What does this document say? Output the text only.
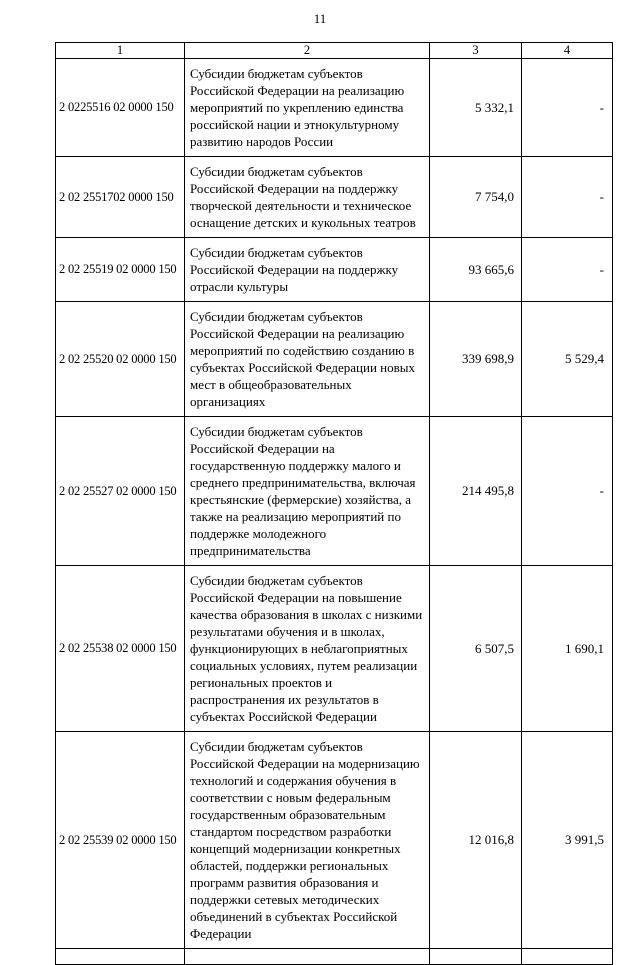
11
1	2	3	4
2 0225516 02 0000 150	Субсидии бюджетам субъектов Российской Федерации на реализацию мероприятий по укреплению единства российской нации и этнокультурному развитию народов России	5 332,1	-
2 02 2551702 0000 150	Субсидии бюджетам субъектов Российской Федерации на поддержку творческой деятельности и техническое оснащение детских и кукольных театров	7 754,0	-
2 02 25519 02 0000 150	Субсидии бюджетам субъектов Российской Федерации на поддержку отрасли культуры	93 665,6	-
2 02 25520 02 0000 150	Субсидии бюджетам субъектов Российской Федерации на реализацию мероприятий по содействию созданию в субъектах Российской Федерации новых мест в общеобразовательных организациях	339 698,9	5 529,4
2 02 25527 02 0000 150	Субсидии бюджетам субъектов Российской Федерации на государственную поддержку малого и среднего предпринимательства, включая крестьянские (фермерские) хозяйства, а также на реализацию мероприятий по поддержке молодежного предпринимательства	214 495,8	-
2 02 25538 02 0000 150	Субсидии бюджетам субъектов Российской Федерации на повышение качества образования в школах с низкими результатами обучения и в школах, функционирующих в неблагоприятных социальных условиях, путем реализации региональных проектов и распространения их результатов в субъектах Российской Федерации	6 507,5	1 690,1
2 02 25539 02 0000 150	Субсидии бюджетам субъектов Российской Федерации на модернизацию технологий и содержания обучения в соответствии с новым федеральным государственным образовательным стандартом посредством разработки концепций модернизации конкретных областей, поддержки региональных программ развития образования и поддержки сетевых методических объединений в субъектах Российской Федерации	12 016,8	3 991,5
